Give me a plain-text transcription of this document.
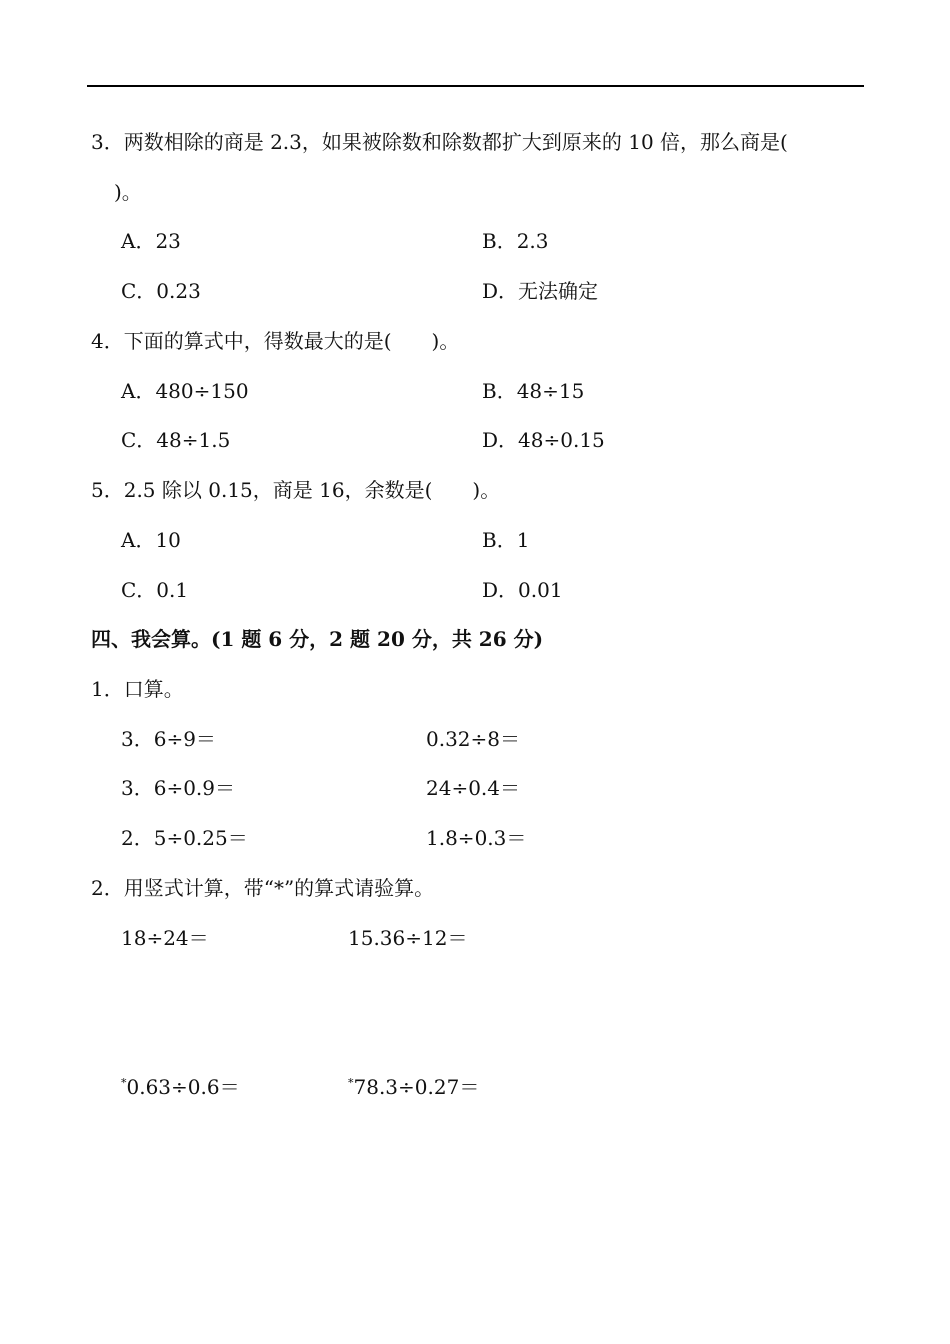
3．两数相除的商是 2.3，如果被除数和除数都扩大到原来的 10 倍，那么商是(
)。
A．23	B．2.3
C．0.23	D．无法确定
4．下面的算式中，得数最大的是(　　)。
A．480÷150	B．48÷15
C．48÷1.5	D．48÷0.15
5．2.5 除以 0.15，商是 16，余数是(　　)。
A．10	B．1
C．0.1	D．0.01
四、我会算。(1 题 6 分，2 题 20 分，共 26 分)
1．口算。
3．6÷9＝	0.32÷8＝
3．6÷0.9＝	24÷0.4＝
2．5÷0.25＝	1.8÷0.3＝
2．用竖式计算，带“*”的算式请验算。
18÷24＝	15.36÷12＝
*0.63÷0.6＝	*78.3÷0.27＝
